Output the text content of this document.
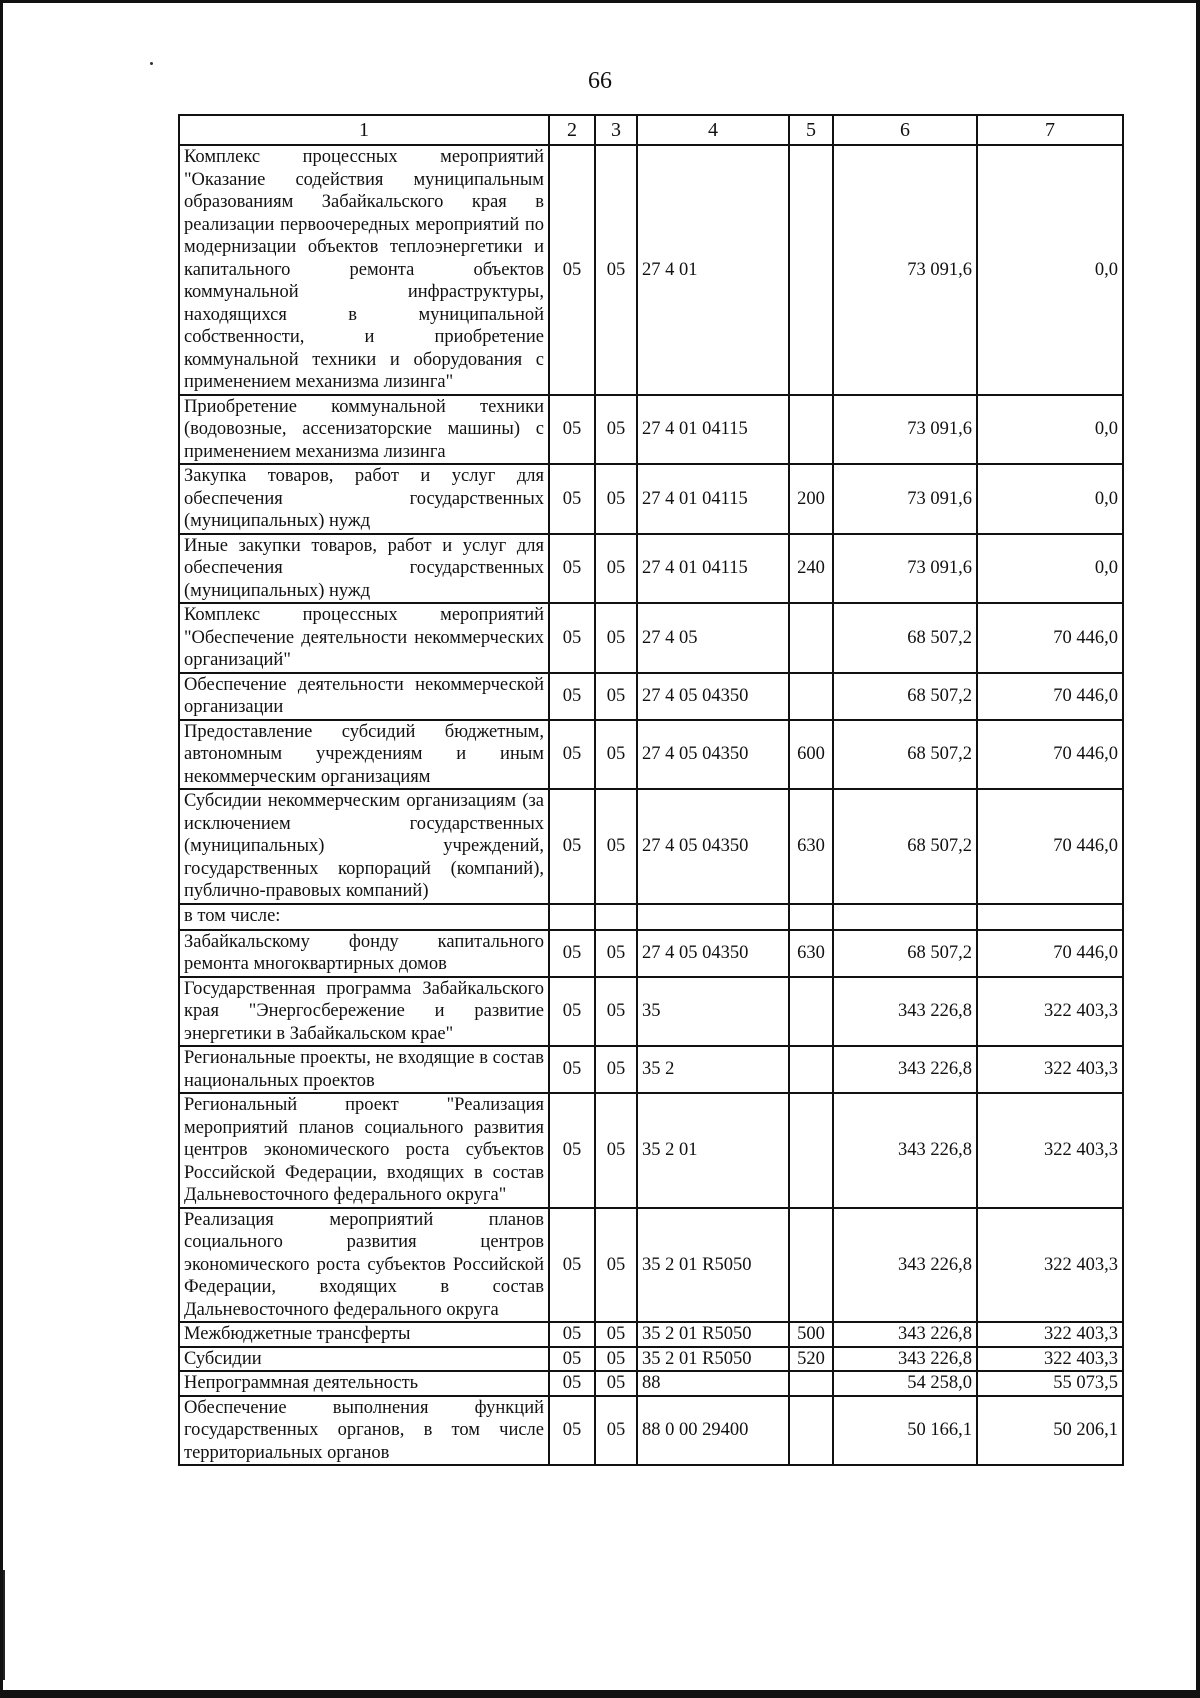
66
1	2	3	4	5	6	7
Комплекс процессных мероприятий "Оказание содействия муниципальным образованиям Забайкальского края в реализации первоочередных мероприятий по модернизации объектов теплоэнергетики и капитального ремонта объектов коммунальной инфраструктуры, находящихся в муниципальной собственности, и приобретение коммунальной техники и оборудования с применением механизма лизинга"	05	05	27 4 01		73 091,6	0,0
Приобретение коммунальной техники (водовозные, ассенизаторские машины) с применением механизма лизинга	05	05	27 4 01 04115		73 091,6	0,0
Закупка товаров, работ и услуг для обеспечения государственных (муниципальных) нужд	05	05	27 4 01 04115	200	73 091,6	0,0
Иные закупки товаров, работ и услуг для обеспечения государственных (муниципальных) нужд	05	05	27 4 01 04115	240	73 091,6	0,0
Комплекс процессных мероприятий "Обеспечение деятельности некоммерческих организаций"	05	05	27 4 05		68 507,2	70 446,0
Обеспечение деятельности некоммерческой организации	05	05	27 4 05 04350		68 507,2	70 446,0
Предоставление субсидий бюджетным, автономным учреждениям и иным некоммерческим организациям	05	05	27 4 05 04350	600	68 507,2	70 446,0
Субсидии некоммерческим организациям (за исключением государственных (муниципальных) учреждений, государственных корпораций (компаний), публично-правовых компаний)	05	05	27 4 05 04350	630	68 507,2	70 446,0
в том числе:						
Забайкальскому фонду капитального ремонта многоквартирных домов	05	05	27 4 05 04350	630	68 507,2	70 446,0
Государственная программа Забайкальского края "Энергосбережение и развитие энергетики в Забайкальском крае"	05	05	35		343 226,8	322 403,3
Региональные проекты, не входящие в состав национальных проектов	05	05	35 2		343 226,8	322 403,3
Региональный проект "Реализация мероприятий планов социального развития центров экономического роста субъектов Российской Федерации, входящих в состав Дальневосточного федерального округа"	05	05	35 2 01		343 226,8	322 403,3
Реализация мероприятий планов социального развития центров экономического роста субъектов Российской Федерации, входящих в состав Дальневосточного федерального округа	05	05	35 2 01 R5050		343 226,8	322 403,3
Межбюджетные трансферты	05	05	35 2 01 R5050	500	343 226,8	322 403,3
Субсидии	05	05	35 2 01 R5050	520	343 226,8	322 403,3
Непрограммная деятельность	05	05	88		54 258,0	55 073,5
Обеспечение выполнения функций государственных органов, в том числе территориальных органов	05	05	88 0 00 29400		50 166,1	50 206,1
